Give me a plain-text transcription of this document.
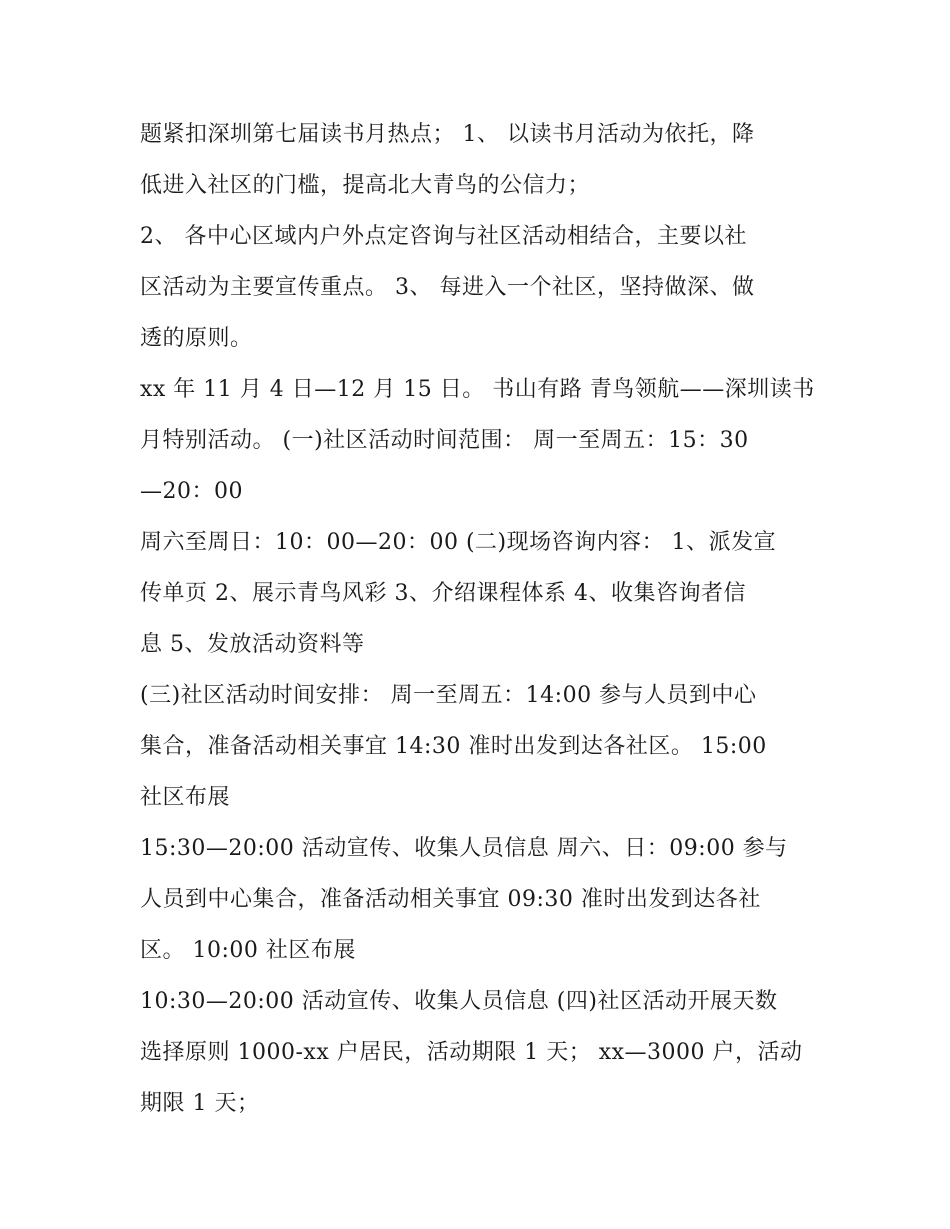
题紧扣深圳第七届读书月热点； 1、 以读书月活动为依托，降
低进入社区的门槛，提高北大青鸟的公信力；
2、 各中心区域内户外点定咨询与社区活动相结合，主要以社
区活动为主要宣传重点。 3、 每进入一个社区，坚持做深、做
透的原则。
xx 年 11 月 4 日—12 月 15 日。 书山有路 青鸟领航——深圳读书
月特别活动。 (一)社区活动时间范围： 周一至周五：15：30
—20：00
周六至周日：10：00—20：00 (二)现场咨询内容： 1、派发宣
传单页 2、展示青鸟风彩 3、介绍课程体系 4、收集咨询者信
息 5、发放活动资料等
(三)社区活动时间安排： 周一至周五：14:00 参与人员到中心
集合，准备活动相关事宜 14:30 准时出发到达各社区。 15:00
社区布展
15:30—20:00 活动宣传、收集人员信息 周六、日：09:00 参与
人员到中心集合，准备活动相关事宜 09:30 准时出发到达各社
区。 10:00 社区布展
10:30—20:00 活动宣传、收集人员信息 (四)社区活动开展天数
选择原则 1000-xx 户居民，活动期限 1 天； xx—3000 户，活动
期限 1 天；
